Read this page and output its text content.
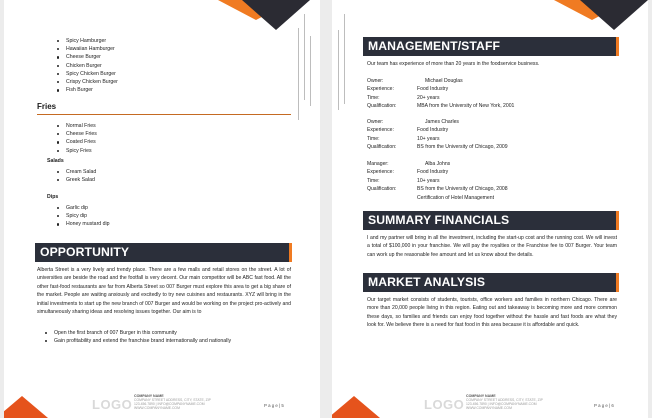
Spicy Hamburger
Hawaiian Hamburger
Cheese Burger
Chicken Burger
Spicy Chicken Burger
Crispy Chicken Burger
Fish Burger
Fries
Normal Fries
Cheese Fries
Coated Fries
Spicy Fries
Salads
Cream Salad
Greek Salad
Dips
Garlic dip
Spicy dip
Honey mustard dip
OPPORTUNITY
Alberta Street is a very lively and trendy place. There are a few malls and retail stores on the street. A lot of universities are beside the road and the footfall is very decent. Our main competitor will be ABC fast food. All the other fast-food restaurants are far from Alberta Street so 007 Burger must explore this area to get a big share of the market. People are waiting anxiously and excitedly to try new cuisines and restaurants. XYZ will bring in the initial investments to start up the new branch of 007 Burger and would be working on the project pro-actively and simultaneously sharing ideas and resolving issues together. Our aim is to
Open the first branch of 007 Burger in this community
Gain profitability and extend the franchise brand internationally and nationally
LOGO
COMPANY NAME
COMPANY STREET ADDRESS, CITY, STATE, ZIP
123.456.7890 | INFO@COMPANYNAME.COM
WWW.COMPANYNAME.COM	P a g e | 5
MANAGEMENT/STAFF
Our team has experience of more than 20 years in the foodservice business.
Owner:	Michael Douglas
Experience:	Food Industry
Time:	20+ years
Qualification:	MBA from the University of New York, 2001
Owner:	James Charles
Experience:	Food Industry
Time:	10+ years
Qualification:	BS from the University of Chicago, 2009
Manager:	Alba Johns
Experience:	Food Industry
Time:	10+ years
Qualification:	BS from the University of Chicago, 2008
Certification of Hotel Management
SUMMARY FINANCIALS
I and my partner will bring in all the investment, including the start-up cost and the running cost. We will invest a total of $100,000 in your franchise. We will pay the royalties or the Franchise fee to 007 Burger. Your team can work up the reasonable fee amount and let us know about the details.
MARKET ANALYSIS
Our target market consists of students, tourists, office workers and families in northern Chicago. There are more than 20,000 people living in this region. Eating out and takeaway is becoming more and more common these days, so families and friends can enjoy food together without the hassle and fast foods are what they look for. We believe there is a need for fast food in this area because it is affordable and quick.
LOGO
COMPANY NAME
COMPANY STREET ADDRESS, CITY, STATE, ZIP
123.456.7890 | INFO@COMPANYNAME.COM
WWW.COMPANYNAME.COM	P a g e | 6
